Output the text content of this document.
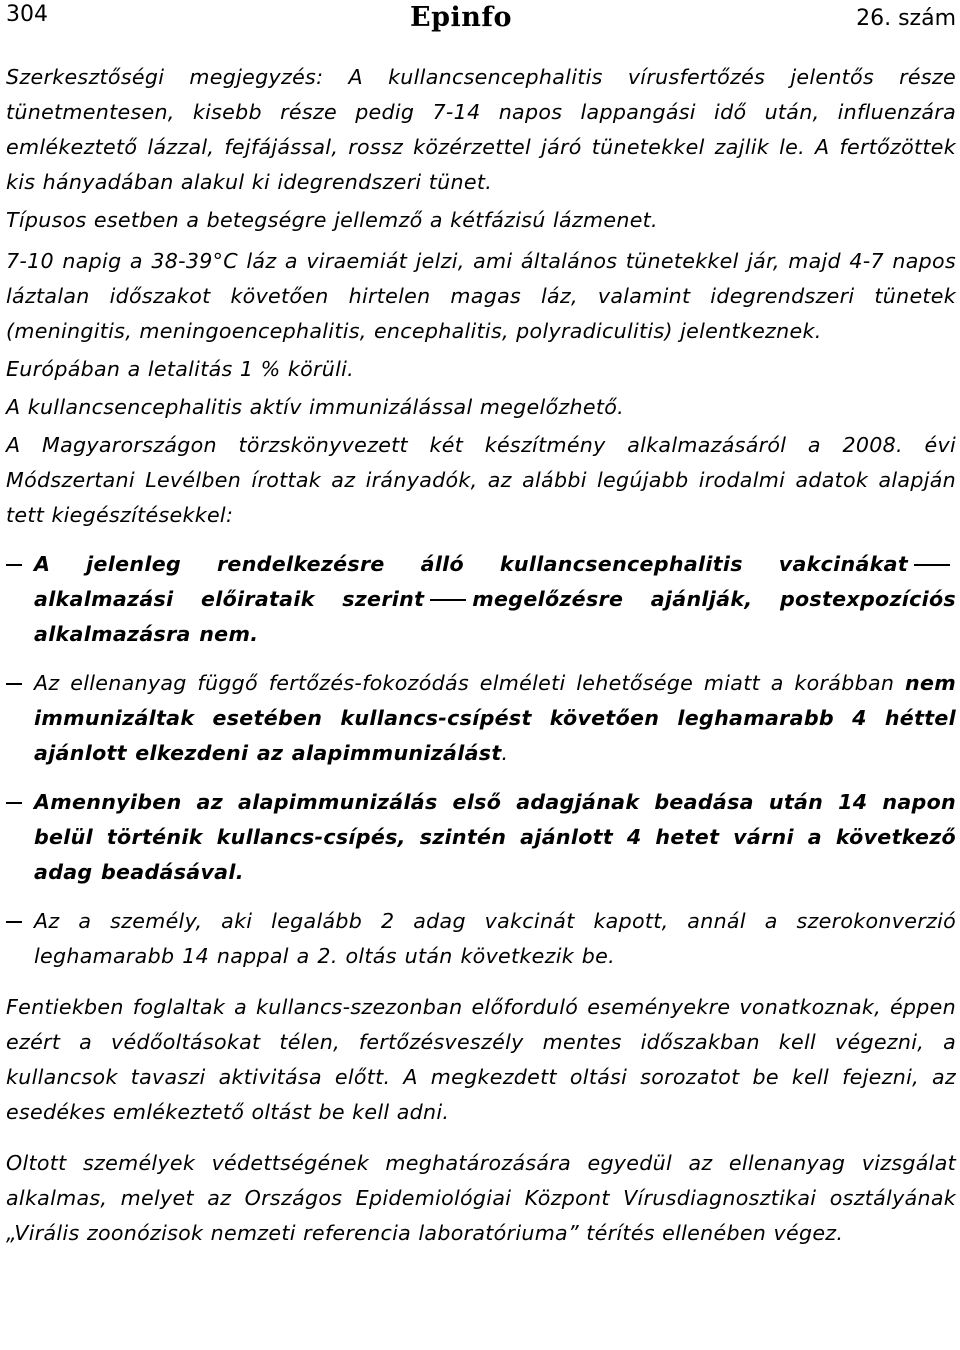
304	Epinfo	26. szám

Szerkesztőségi megjegyzés: A kullancsencephalitis vírusfertőzés jelentős része tünetmentesen, kisebb része pedig 7-14 napos lappangási idő után, influenzára emlékeztető lázzal, fejfájással, rossz közérzettel járó tünetekkel zajlik le. A fertőzöttek kis hányadában alakul ki idegrendszeri tünet.

Típusos esetben a betegségre jellemző a kétfázisú lázmenet.

7-10 napig a 38-39°C láz a viraemiát jelzi, ami általános tünetekkel jár, majd 4-7 napos láztalan időszakot követően hirtelen magas láz, valamint idegrendszeri tünetek (meningitis, meningoencephalitis, encephalitis, polyradiculitis) jelentkeznek.

Európában a letalitás 1 % körüli.

A kullancsencephalitis aktív immunizálással megelőzhető.

A Magyarországon törzskönyvezett két készítmény alkalmazásáról a 2008. évi Módszertani Levélben írottak az irányadók, az alábbi legújabb irodalmi adatok alapján tett kiegészítésekkel:

A jelenleg rendelkezésre álló kullancsencephalitis vakcinákatalkalmazási előirataik szerint megelőzésre ajánlják, postexpozíciós alkalmazásra nem.

Az ellenanyag függő fertőzés-fokozódás elméleti lehetősége miatt a korábban nem immunizáltak esetében kullancs-csípést követően leghamarabb 4 héttel ajánlott elkezdeni az alapimmunizálást.

Amennyiben az alapimmunizálás első adagjának beadása után 14 napon belül történik kullancs-csípés, szintén ajánlott 4 hetet várni a következő adag beadásával.

Az a személy, aki legalább 2 adag vakcinát kapott, annál a szerokonverzió leghamarabb 14 nappal a 2. oltás után következik be.

Fentiekben foglaltak a kullancs-szezonban előforduló eseményekre vonatkoznak, éppen ezért a védőoltásokat télen, fertőzésveszély mentes időszakban kell végezni, a kullancsok tavaszi aktivitása előtt. A megkezdett oltási sorozatot be kell fejezni, az esedékes emlékeztető oltást be kell adni.

Oltott személyek védettségének meghatározására egyedül az ellenanyag vizsgálat alkalmas, melyet az Országos Epidemiológiai Központ Vírusdiagnosztikai osztályának „Virális zoonózisok nemzeti referencia laboratóriuma” térítés ellenében végez.
